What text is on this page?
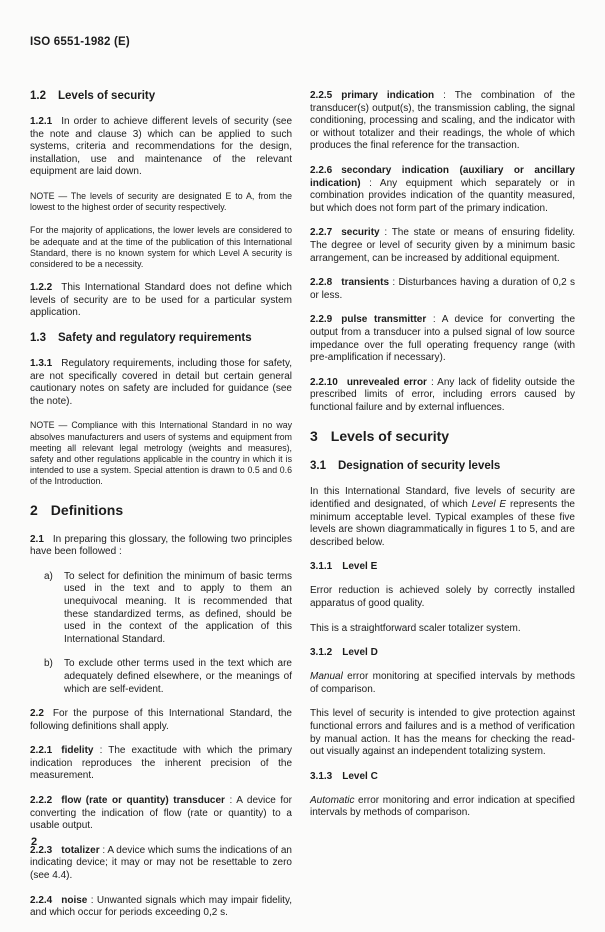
ISO 6551-1982 (E)
1.2 Levels of security

1.2.1 In order to achieve different levels of security (see the note and clause 3) which can be applied to such systems, criteria and recommendations for the design, installation, use and maintenance of the relevant equipment are laid down.

NOTE — The levels of security are designated E to A, from the lowest to the highest order of security respectively.

For the majority of applications, the lower levels are considered to be adequate and at the time of the publication of this International Standard, there is no known system for which Level A security is considered to be a necessity.

1.2.2 This International Standard does not define which levels of security are to be used for a particular system application.

1.3 Safety and regulatory requirements

1.3.1 Regulatory requirements, including those for safety, are not specifically covered in detail but certain general cautionary notes on safety are included for guidance (see the note).

NOTE — Compliance with this International Standard in no way absolves manufacturers and users of systems and equipment from meeting all relevant legal metrology (weights and measures), safety and other regulations applicable in the country in which it is intended to use a system. Special attention is drawn to 0.5 and 0.6 of the Introduction.

2 Definitions

2.1 In preparing this glossary, the following two principles have been followed :

a)	To select for definition the minimum of basic terms used in the text and to apply to them an unequivocal meaning. It is recommended that these standardized terms, as defined, should be used in the context of the application of this International Standard.
b)	To exclude other terms used in the text which are adequately defined elsewhere, or the meanings of which are self-evident.

2.2 For the purpose of this International Standard, the following definitions shall apply.

2.2.1 fidelity : The exactitude with which the primary indication reproduces the inherent precision of the measurement.

2.2.2 flow (rate or quantity) transducer : A device for converting the indication of flow (rate or quantity) to a usable output.

2.2.3 totalizer : A device which sums the indications of an indicating device; it may or may not be resettable to zero (see 4.4).

2.2.4 noise : Unwanted signals which may impair fidelity, and which occur for periods exceeding 0,2 s.

2.2.5 primary indication : The combination of the transducer(s) output(s), the transmission cabling, the signal conditioning, processing and scaling, and the indicator with or without totalizer and their readings, the whole of which produces the final reference for the transaction.

2.2.6 secondary indication (auxiliary or ancillary indication) : Any equipment which separately or in combination provides indication of the quantity measured, but which does not form part of the primary indication.

2.2.7 security : The state or means of ensuring fidelity. The degree or level of security given by a minimum basic arrangement, can be increased by additional equipment.

2.2.8 transients : Disturbances having a duration of 0,2 s or less.

2.2.9 pulse transmitter : A device for converting the output from a transducer into a pulsed signal of low source impedance over the full operating frequency range (with pre-amplification if necessary).

2.2.10 unrevealed error : Any lack of fidelity outside the prescribed limits of error, including errors caused by functional failure and by external influences.

3 Levels of security
3.1 Designation of security levels

In this International Standard, five levels of security are identified and designated, of which Level E represents the minimum acceptable level. Typical examples of these five levels are shown diagrammatically in figures 1 to 5, and are described below.

3.1.1 Level E

Error reduction is achieved solely by correctly installed apparatus of good quality.

This is a straightforward scaler totalizer system.

3.1.2 Level D

Manual error monitoring at specified intervals by methods of comparison.

This level of security is intended to give protection against functional errors and failures and is a method of verification by manual action. It has the means for checking the read-out visually against an independent totalizing system.

3.1.3 Level C

Automatic error monitoring and error indication at specified intervals by methods of comparison.

2
